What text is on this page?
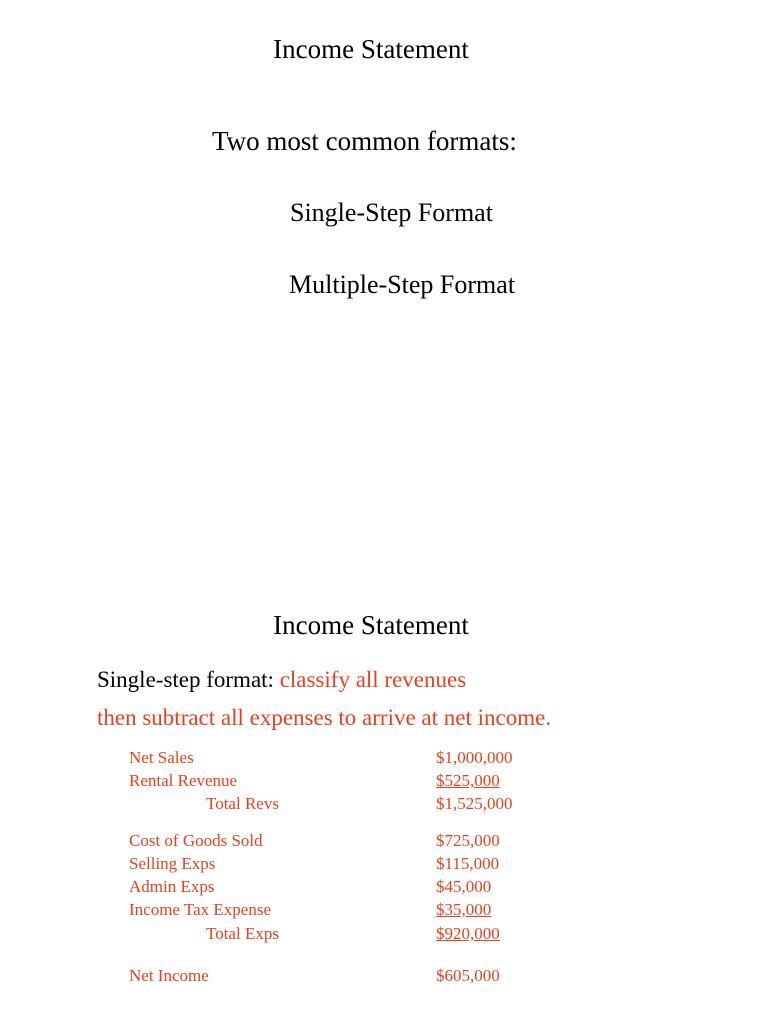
Income Statement
Two most common formats:
Single-Step Format
Multiple-Step Format
Income Statement
Single-step format: classify all revenues
then subtract all expenses to arrive at net income.
Net Sales	$1,000,000
Rental Revenue	$525,000
Total Revs	$1,525,000
Cost of Goods Sold	$725,000
Selling Exps	$115,000
Admin Exps	$45,000
Income Tax Expense	$35,000
Total Exps	$920,000
Net Income	$605,000
